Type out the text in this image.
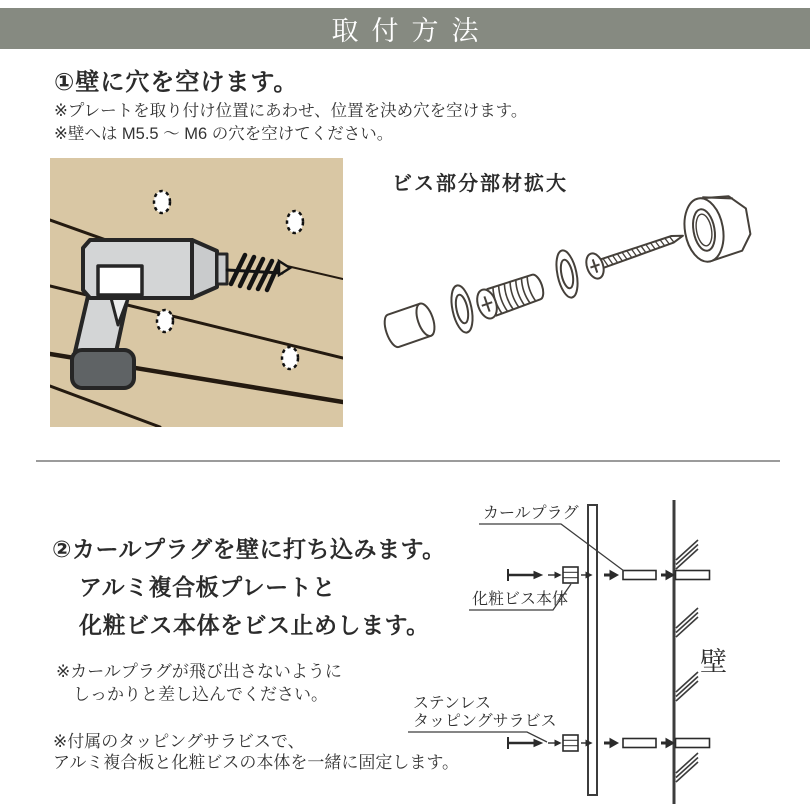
取付方法
①壁に穴を空けます。
※プレートを取り付け位置にあわせ、位置を決め穴を空けます。
※壁へは M5.5 ～ M6 の穴を空けてください。
ビス部分部材拡大
②カールプラグを壁に打ち込みます。
アルミ複合板プレートと
化粧ビス本体をビス止めします。
※カールプラグが飛び出さないように
しっかりと差し込んでください。
※付属のタッピングサラビスで、
アルミ複合板と化粧ビスの本体を一緒に固定します。
壁
カールプラグ
化粧ビス本体
ステンレス
タッピングサラビス
